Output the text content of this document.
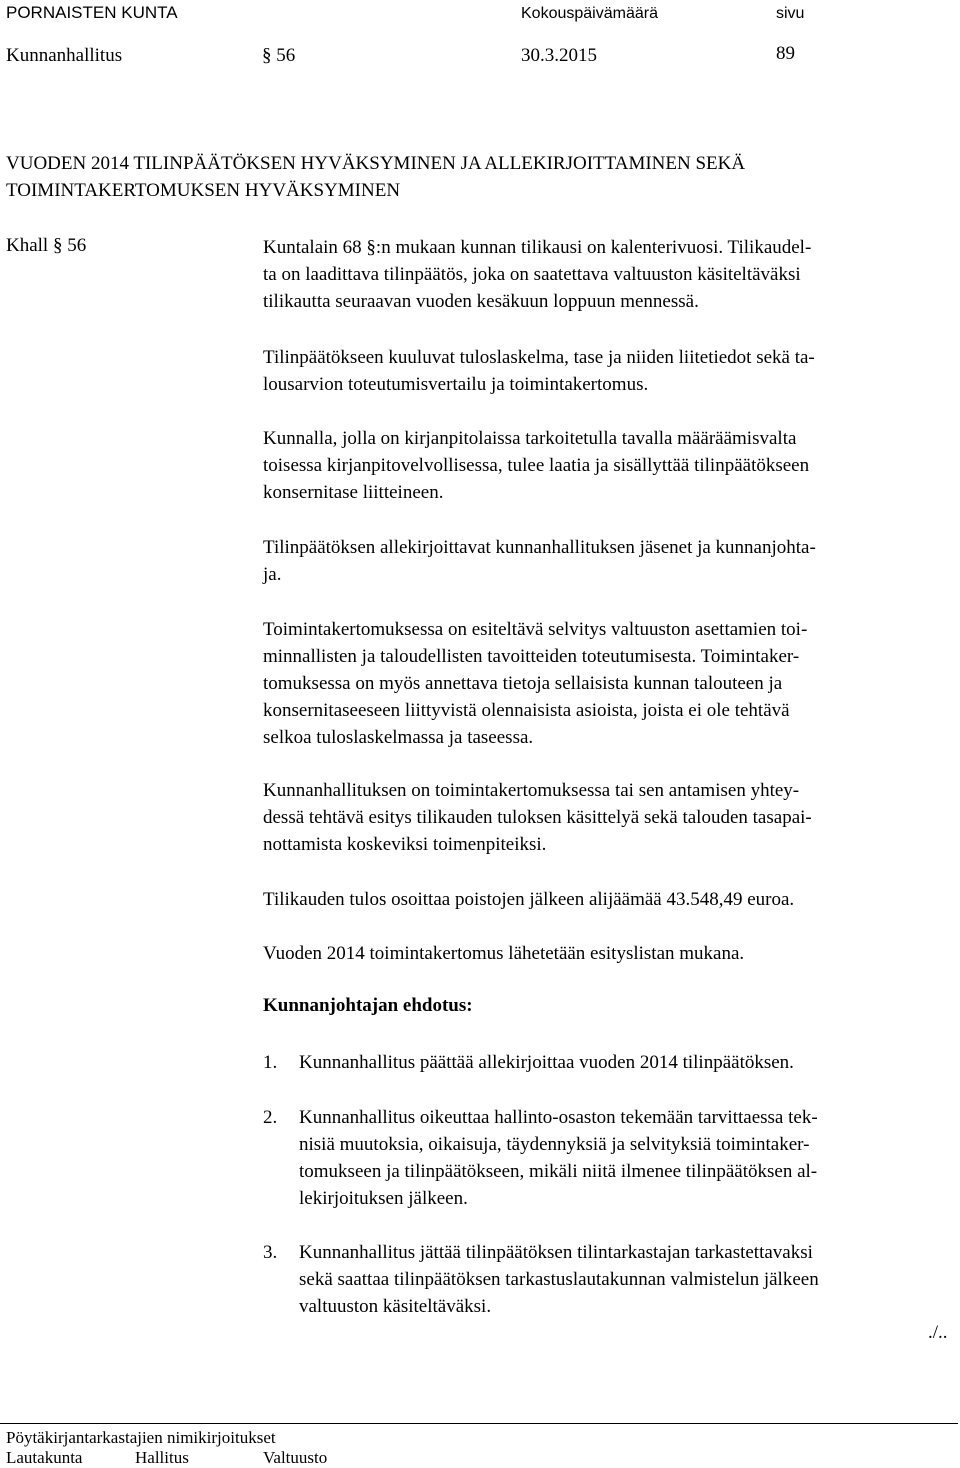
PORNAISTEN KUNTA	Kokouspäivämäärä	sivu
Kunnanhallitus	§ 56	30.3.2015	89
VUODEN 2014 TILINPÄÄTÖKSEN HYVÄKSYMINEN JA ALLEKIRJOITTAMINEN SEKÄ
TOIMINTAKERTOMUKSEN HYVÄKSYMINEN
Khall § 56	Kuntalain 68 §:n mukaan kunnan tilikausi on kalenterivuosi. Tilikaudel-
ta on laadittava tilinpäätös, joka on saatettava valtuuston käsiteltäväksi
tilikautta seuraavan vuoden kesäkuun loppuun mennessä.

Tilinpäätökseen kuuluvat tuloslaskelma, tase ja niiden liitetiedot sekä ta-
lousarvion toteutumisvertailu ja toimintakertomus.

Kunnalla, jolla on kirjanpitolaissa tarkoitetulla tavalla määräämisvalta
toisessa kirjanpitovelvollisessa, tulee laatia ja sisällyttää tilinpäätökseen
konsernitase liitteineen.

Tilinpäätöksen allekirjoittavat kunnanhallituksen jäsenet ja kunnanjohta-
ja.

Toimintakertomuksessa on esiteltävä selvitys valtuuston asettamien toi-
minnallisten ja taloudellisten tavoitteiden toteutumisesta. Toimintaker-
tomuksessa on myös annettava tietoja sellaisista kunnan talouteen ja
konsernitaseeseen liittyvistä olennaisista asioista, joista ei ole tehtävä
selkoa tuloslaskelmassa ja taseessa.

Kunnanhallituksen on toimintakertomuksessa tai sen antamisen yhtey-
dessä tehtävä esitys tilikauden tuloksen käsittelyä sekä talouden tasapai-
nottamista koskeviksi toimenpiteiksi.

Tilikauden tulos osoittaa poistojen jälkeen alijäämää 43.548,49 euroa.

Vuoden 2014 toimintakertomus lähetetään esityslistan mukana.

Kunnanjohtajan ehdotus:
1. Kunnanhallitus päättää allekirjoittaa vuoden 2014 tilinpäätöksen.
2. Kunnanhallitus oikeuttaa hallinto-osaston tekemään tarvittaessa tek-
nisiä muutoksia, oikaisuja, täydennyksiä ja selvityksiä toimintaker-
tomukseen ja tilinpäätökseen, mikäli niitä ilmenee tilinpäätöksen al-
lekirjoituksen jälkeen.
3. Kunnanhallitus jättää tilinpäätöksen tilintarkastajan tarkastettavaksi
sekä saattaa tilinpäätöksen tarkastuslautakunnan valmistelun jälkeen
valtuuston käsiteltäväksi.
./..
Pöytäkirjantarkastajien nimikirjoitukset
Lautakunta	Hallitus	Valtuusto
